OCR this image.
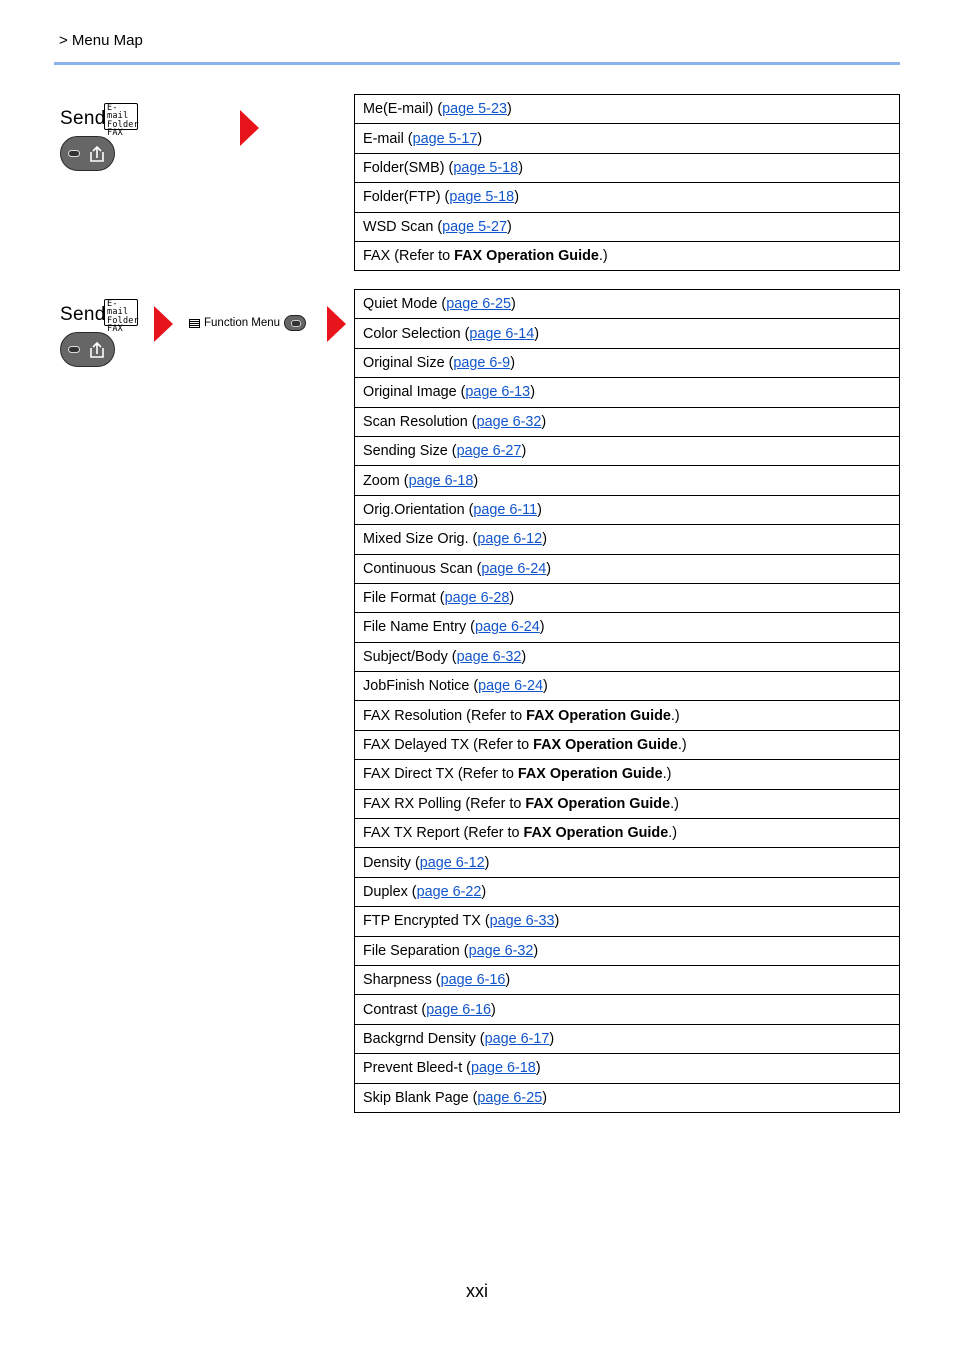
> Menu Map
Send E-mail
Folder
FAX
Me(E-mail) (page 5-23)
E-mail (page 5-17)
Folder(SMB) (page 5-18)
Folder(FTP) (page 5-18)
WSD Scan (page 5-27)
FAX (Refer to FAX Operation Guide.)
Send E-mail
Folder
FAX
Function Menu
Quiet Mode (page 6-25)
Color Selection (page 6-14)
Original Size (page 6-9)
Original Image (page 6-13)
Scan Resolution (page 6-32)
Sending Size (page 6-27)
Zoom (page 6-18)
Orig.Orientation (page 6-11)
Mixed Size Orig. (page 6-12)
Continuous Scan (page 6-24)
File Format (page 6-28)
File Name Entry (page 6-24)
Subject/Body (page 6-32)
JobFinish Notice (page 6-24)
FAX Resolution (Refer to FAX Operation Guide.)
FAX Delayed TX (Refer to FAX Operation Guide.)
FAX Direct TX (Refer to FAX Operation Guide.)
FAX RX Polling (Refer to FAX Operation Guide.)
FAX TX Report (Refer to FAX Operation Guide.)
Density (page 6-12)
Duplex (page 6-22)
FTP Encrypted TX (page 6-33)
File Separation (page 6-32)
Sharpness (page 6-16)
Contrast (page 6-16)
Backgrnd Density (page 6-17)
Prevent Bleed-t (page 6-18)
Skip Blank Page (page 6-25)
xxi
